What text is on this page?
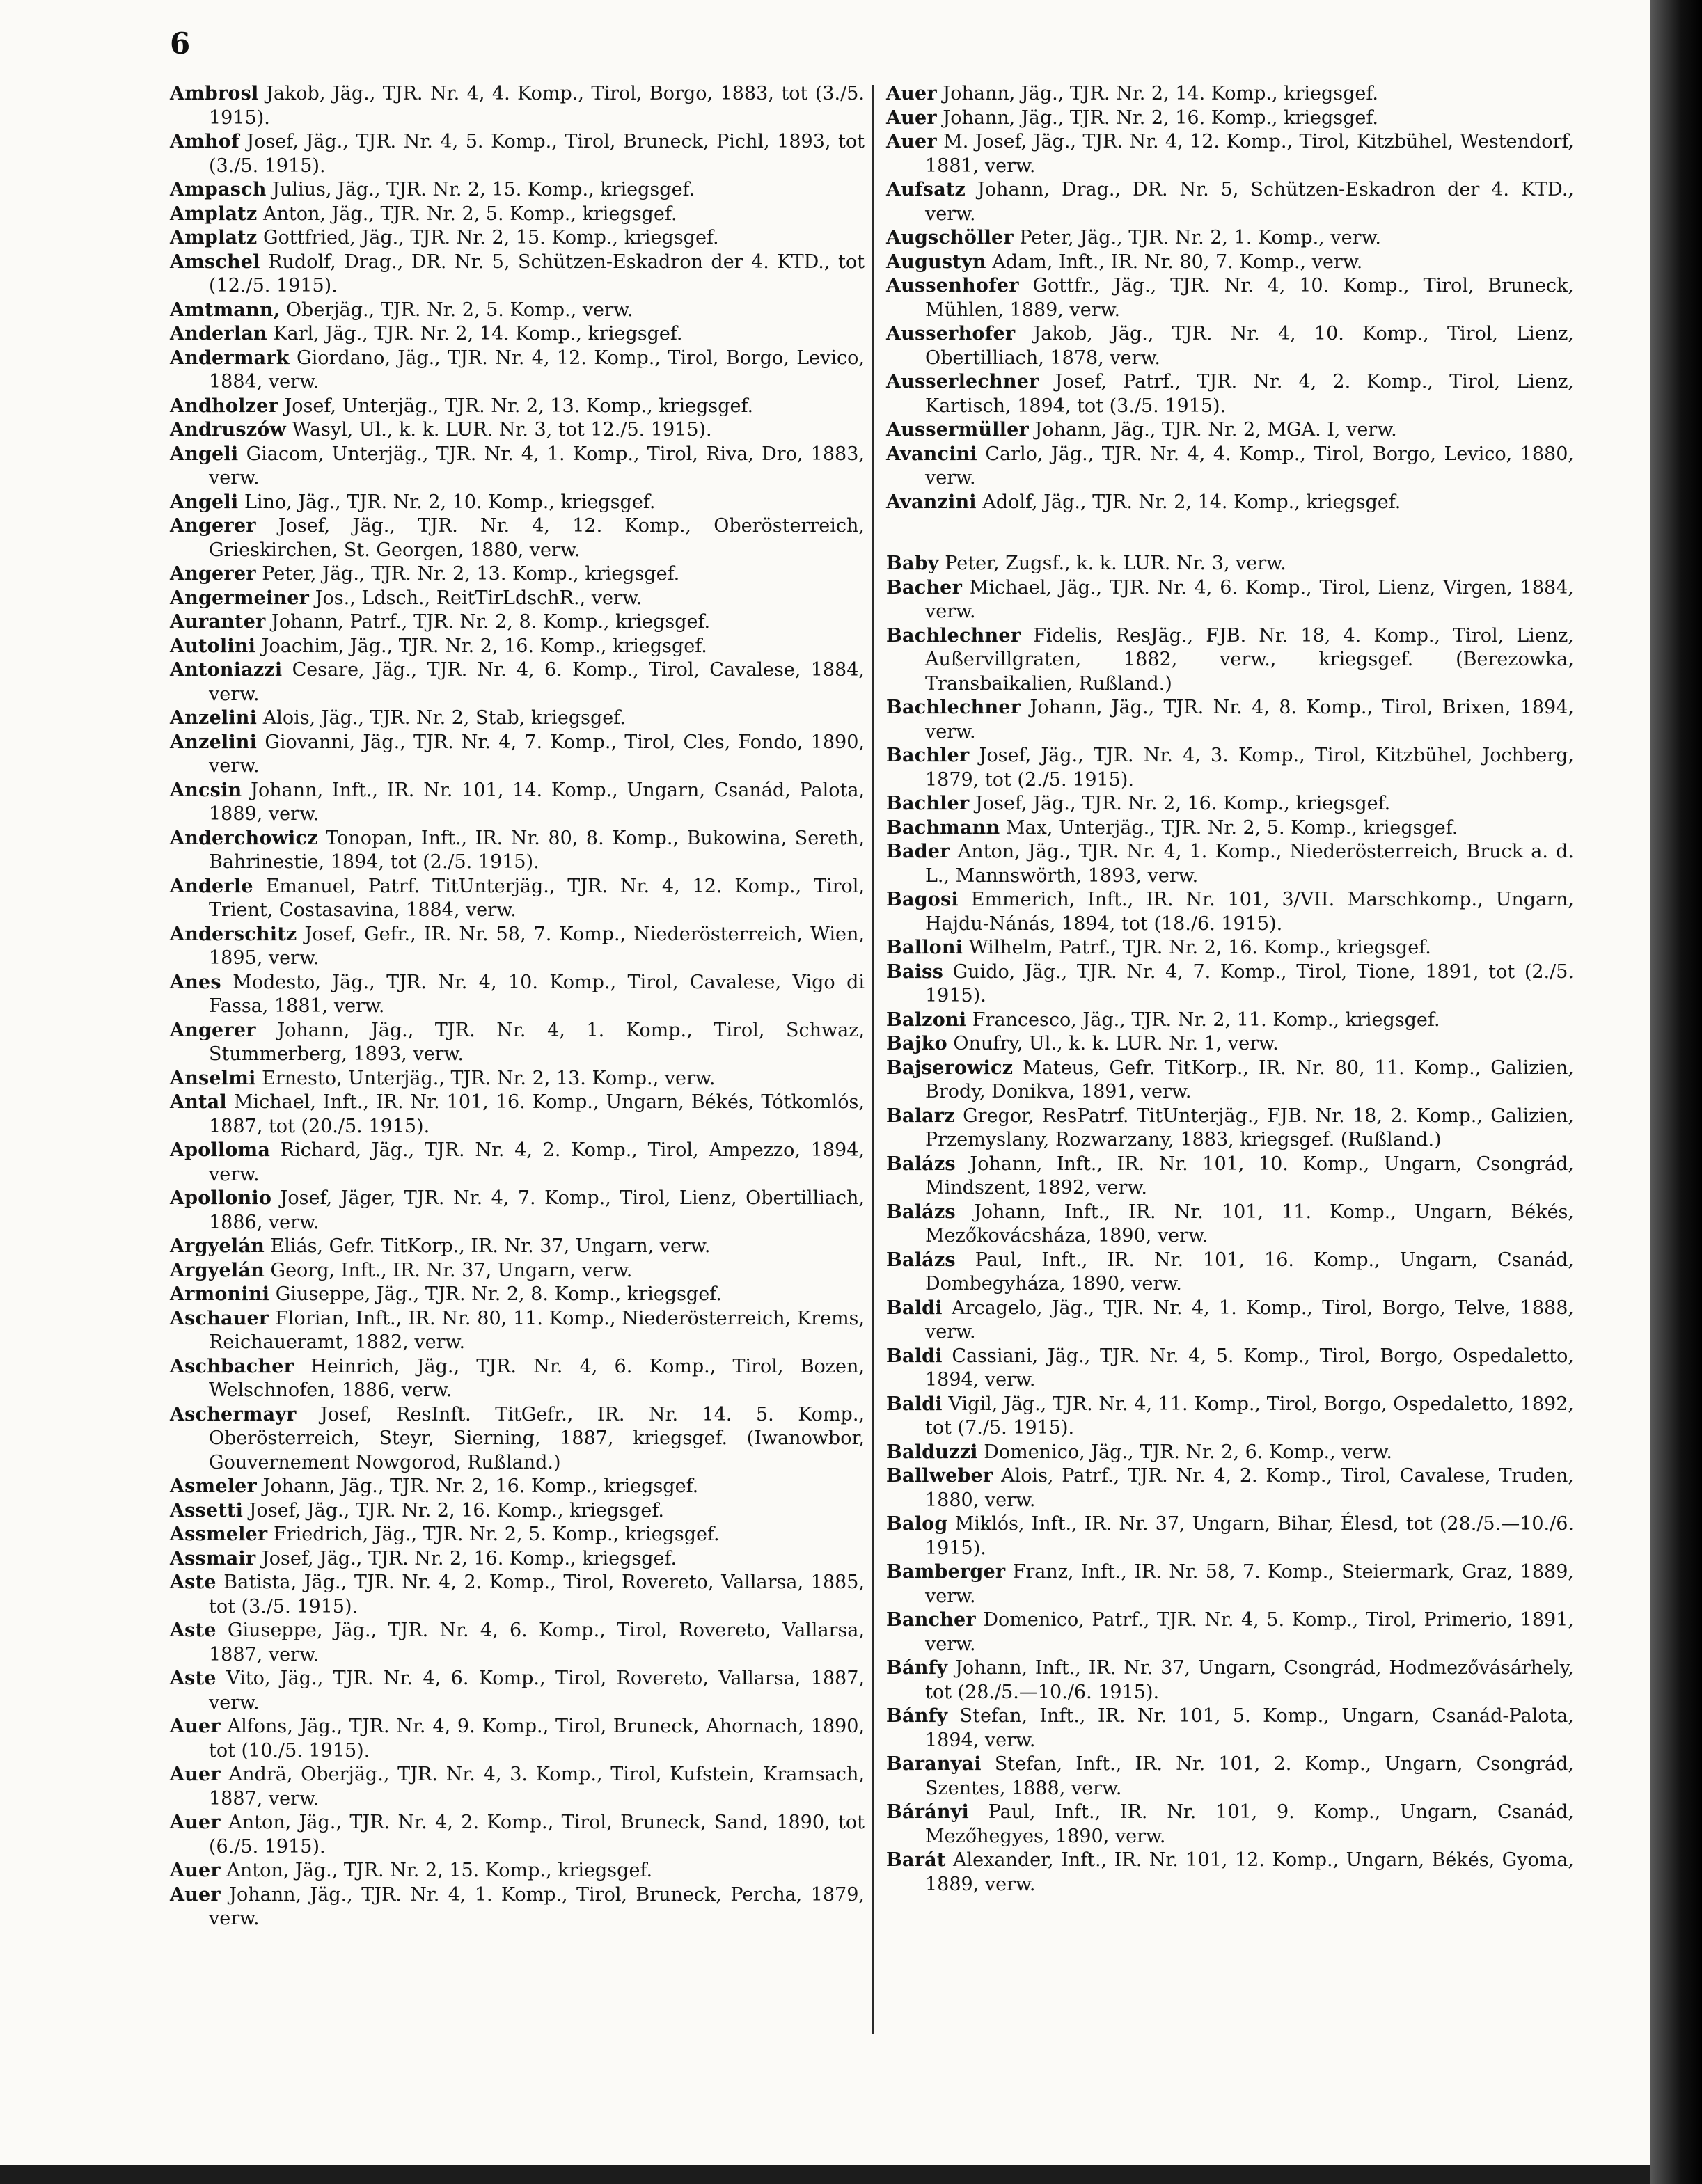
6

Ambrosl Jakob, Jäg., TJR. Nr. 4, 4. Komp., Tirol, Borgo, 1883, tot (3./5. 1915).

Amhof Josef, Jäg., TJR. Nr. 4, 5. Komp., Tirol, Bruneck, Pichl, 1893, tot (3./5. 1915).

Ampasch Julius, Jäg., TJR. Nr. 2, 15. Komp., kriegsgef.

Amplatz Anton, Jäg., TJR. Nr. 2, 5. Komp., kriegsgef.

Amplatz Gottfried, Jäg., TJR. Nr. 2, 15. Komp., kriegsgef.

Amschel Rudolf, Drag., DR. Nr. 5, Schützen-Eskadron der 4. KTD., tot (12./5. 1915).

Amtmann, Oberjäg., TJR. Nr. 2, 5. Komp., verw.

Anderlan Karl, Jäg., TJR. Nr. 2, 14. Komp., kriegsgef.

Andermark Giordano, Jäg., TJR. Nr. 4, 12. Komp., Tirol, Borgo, Levico, 1884, verw.

Andholzer Josef, Unterjäg., TJR. Nr. 2, 13. Komp., kriegsgef.

Andruszów Wasyl, Ul., k. k. LUR. Nr. 3, tot 12./5. 1915).

Angeli Giacom, Unterjäg., TJR. Nr. 4, 1. Komp., Tirol, Riva, Dro, 1883, verw.

Angeli Lino, Jäg., TJR. Nr. 2, 10. Komp., kriegsgef.

Angerer Josef, Jäg., TJR. Nr. 4, 12. Komp., Oberösterreich, Grieskirchen, St. Georgen, 1880, verw.

Angerer Peter, Jäg., TJR. Nr. 2, 13. Komp., kriegsgef.

Angermeiner Jos., Ldsch., ReitTirLdschR., verw.

Auranter Johann, Patrf., TJR. Nr. 2, 8. Komp., kriegsgef.

Autolini Joachim, Jäg., TJR. Nr. 2, 16. Komp., kriegsgef.

Antoniazzi Cesare, Jäg., TJR. Nr. 4, 6. Komp., Tirol, Cavalese, 1884, verw.

Anzelini Alois, Jäg., TJR. Nr. 2, Stab, kriegsgef.

Anzelini Giovanni, Jäg., TJR. Nr. 4, 7. Komp., Tirol, Cles, Fondo, 1890, verw.

Ancsin Johann, Inft., IR. Nr. 101, 14. Komp., Ungarn, Csanád, Palota, 1889, verw.

Anderchowicz Tonopan, Inft., IR. Nr. 80, 8. Komp., Bukowina, Sereth, Bahrinestie, 1894, tot (2./5. 1915).

Anderle Emanuel, Patrf. TitUnterjäg., TJR. Nr. 4, 12. Komp., Tirol, Trient, Costasavina, 1884, verw.

Anderschitz Josef, Gefr., IR. Nr. 58, 7. Komp., Niederösterreich, Wien, 1895, verw.

Anes Modesto, Jäg., TJR. Nr. 4, 10. Komp., Tirol, Cavalese, Vigo di Fassa, 1881, verw.

Angerer Johann, Jäg., TJR. Nr. 4, 1. Komp., Tirol, Schwaz, Stummerberg, 1893, verw.

Anselmi Ernesto, Unterjäg., TJR. Nr. 2, 13. Komp., verw.

Antal Michael, Inft., IR. Nr. 101, 16. Komp., Ungarn, Békés, Tótkomlós, 1887, tot (20./5. 1915).

Apolloma Richard, Jäg., TJR. Nr. 4, 2. Komp., Tirol, Ampezzo, 1894, verw.

Apollonio Josef, Jäger, TJR. Nr. 4, 7. Komp., Tirol, Lienz, Obertilliach, 1886, verw.

Argyelán Eliás, Gefr. TitKorp., IR. Nr. 37, Ungarn, verw.

Argyelán Georg, Inft., IR. Nr. 37, Ungarn, verw.

Armonini Giuseppe, Jäg., TJR. Nr. 2, 8. Komp., kriegsgef.

Aschauer Florian, Inft., IR. Nr. 80, 11. Komp., Niederösterreich, Krems, Reichaueramt, 1882, verw.

Aschbacher Heinrich, Jäg., TJR. Nr. 4, 6. Komp., Tirol, Bozen, Welschnofen, 1886, verw.

Aschermayr Josef, ResInft. TitGefr., IR. Nr. 14. 5. Komp., Oberösterreich, Steyr, Sierning, 1887, kriegsgef. (Iwanowbor, Gouvernement Nowgorod, Rußland.)

Asmeler Johann, Jäg., TJR. Nr. 2, 16. Komp., kriegsgef.

Assetti Josef, Jäg., TJR. Nr. 2, 16. Komp., kriegsgef.

Assmeler Friedrich, Jäg., TJR. Nr. 2, 5. Komp., kriegsgef.

Assmair Josef, Jäg., TJR. Nr. 2, 16. Komp., kriegsgef.

Aste Batista, Jäg., TJR. Nr. 4, 2. Komp., Tirol, Rovereto, Vallarsa, 1885, tot (3./5. 1915).

Aste Giuseppe, Jäg., TJR. Nr. 4, 6. Komp., Tirol, Rovereto, Vallarsa, 1887, verw.

Aste Vito, Jäg., TJR. Nr. 4, 6. Komp., Tirol, Rovereto, Vallarsa, 1887, verw.

Auer Alfons, Jäg., TJR. Nr. 4, 9. Komp., Tirol, Bruneck, Ahornach, 1890, tot (10./5. 1915).

Auer Andrä, Oberjäg., TJR. Nr. 4, 3. Komp., Tirol, Kufstein, Kramsach, 1887, verw.

Auer Anton, Jäg., TJR. Nr. 4, 2. Komp., Tirol, Bruneck, Sand, 1890, tot (6./5. 1915).

Auer Anton, Jäg., TJR. Nr. 2, 15. Komp., kriegsgef.

Auer Johann, Jäg., TJR. Nr. 4, 1. Komp., Tirol, Bruneck, Percha, 1879, verw.

Auer Johann, Jäg., TJR. Nr. 2, 14. Komp., kriegsgef.

Auer Johann, Jäg., TJR. Nr. 2, 16. Komp., kriegsgef.

Auer M. Josef, Jäg., TJR. Nr. 4, 12. Komp., Tirol, Kitzbühel, Westendorf, 1881, verw.

Aufsatz Johann, Drag., DR. Nr. 5, Schützen-Eskadron der 4. KTD., verw.

Augschöller Peter, Jäg., TJR. Nr. 2, 1. Komp., verw.

Augustyn Adam, Inft., IR. Nr. 80, 7. Komp., verw.

Aussenhofer Gottfr., Jäg., TJR. Nr. 4, 10. Komp., Tirol, Bruneck, Mühlen, 1889, verw.

Ausserhofer Jakob, Jäg., TJR. Nr. 4, 10. Komp., Tirol, Lienz, Obertilliach, 1878, verw.

Ausserlechner Josef, Patrf., TJR. Nr. 4, 2. Komp., Tirol, Lienz, Kartisch, 1894, tot (3./5. 1915).

Aussermüller Johann, Jäg., TJR. Nr. 2, MGA. I, verw.

Avancini Carlo, Jäg., TJR. Nr. 4, 4. Komp., Tirol, Borgo, Levico, 1880, verw.

Avanzini Adolf, Jäg., TJR. Nr. 2, 14. Komp., kriegsgef.

Baby Peter, Zugsf., k. k. LUR. Nr. 3, verw.

Bacher Michael, Jäg., TJR. Nr. 4, 6. Komp., Tirol, Lienz, Virgen, 1884, verw.

Bachlechner Fidelis, ResJäg., FJB. Nr. 18, 4. Komp., Tirol, Lienz, Außervillgraten, 1882, verw., kriegsgef. (Berezowka, Transbaikalien, Rußland.)

Bachlechner Johann, Jäg., TJR. Nr. 4, 8. Komp., Tirol, Brixen, 1894, verw.

Bachler Josef, Jäg., TJR. Nr. 4, 3. Komp., Tirol, Kitzbühel, Jochberg, 1879, tot (2./5. 1915).

Bachler Josef, Jäg., TJR. Nr. 2, 16. Komp., kriegsgef.

Bachmann Max, Unterjäg., TJR. Nr. 2, 5. Komp., kriegsgef.

Bader Anton, Jäg., TJR. Nr. 4, 1. Komp., Niederösterreich, Bruck a. d. L., Mannswörth, 1893, verw.

Bagosi Emmerich, Inft., IR. Nr. 101, 3/VII. Marschkomp., Ungarn, Hajdu-Nánás, 1894, tot (18./6. 1915).

Balloni Wilhelm, Patrf., TJR. Nr. 2, 16. Komp., kriegsgef.

Baiss Guido, Jäg., TJR. Nr. 4, 7. Komp., Tirol, Tione, 1891, tot (2./5. 1915).

Balzoni Francesco, Jäg., TJR. Nr. 2, 11. Komp., kriegsgef.

Bajko Onufry, Ul., k. k. LUR. Nr. 1, verw.

Bajserowicz Mateus, Gefr. TitKorp., IR. Nr. 80, 11. Komp., Galizien, Brody, Donikva, 1891, verw.

Balarz Gregor, ResPatrf. TitUnterjäg., FJB. Nr. 18, 2. Komp., Galizien, Przemyslany, Rozwarzany, 1883, kriegsgef. (Rußland.)

Balázs Johann, Inft., IR. Nr. 101, 10. Komp., Ungarn, Csongrád, Mindszent, 1892, verw.

Balázs Johann, Inft., IR. Nr. 101, 11. Komp., Ungarn, Békés, Mezőkovácsháza, 1890, verw.

Balázs Paul, Inft., IR. Nr. 101, 16. Komp., Ungarn, Csanád, Dombegyháza, 1890, verw.

Baldi Arcagelo, Jäg., TJR. Nr. 4, 1. Komp., Tirol, Borgo, Telve, 1888, verw.

Baldi Cassiani, Jäg., TJR. Nr. 4, 5. Komp., Tirol, Borgo, Ospedaletto, 1894, verw.

Baldi Vigil, Jäg., TJR. Nr. 4, 11. Komp., Tirol, Borgo, Ospedaletto, 1892, tot (7./5. 1915).

Balduzzi Domenico, Jäg., TJR. Nr. 2, 6. Komp., verw.

Ballweber Alois, Patrf., TJR. Nr. 4, 2. Komp., Tirol, Cavalese, Truden, 1880, verw.

Balog Miklós, Inft., IR. Nr. 37, Ungarn, Bihar, Élesd, tot (28./5.—10./6. 1915).

Bamberger Franz, Inft., IR. Nr. 58, 7. Komp., Steiermark, Graz, 1889, verw.

Bancher Domenico, Patrf., TJR. Nr. 4, 5. Komp., Tirol, Primerio, 1891, verw.

Bánfy Johann, Inft., IR. Nr. 37, Ungarn, Csongrád, Hodmezővásárhely, tot (28./5.—10./6. 1915).

Bánfy Stefan, Inft., IR. Nr. 101, 5. Komp., Ungarn, Csanád-Palota, 1894, verw.

Baranyai Stefan, Inft., IR. Nr. 101, 2. Komp., Ungarn, Csongrád, Szentes, 1888, verw.

Bárányi Paul, Inft., IR. Nr. 101, 9. Komp., Ungarn, Csanád, Mezőhegyes, 1890, verw.

Barát Alexander, Inft., IR. Nr. 101, 12. Komp., Ungarn, Békés, Gyoma, 1889, verw.
